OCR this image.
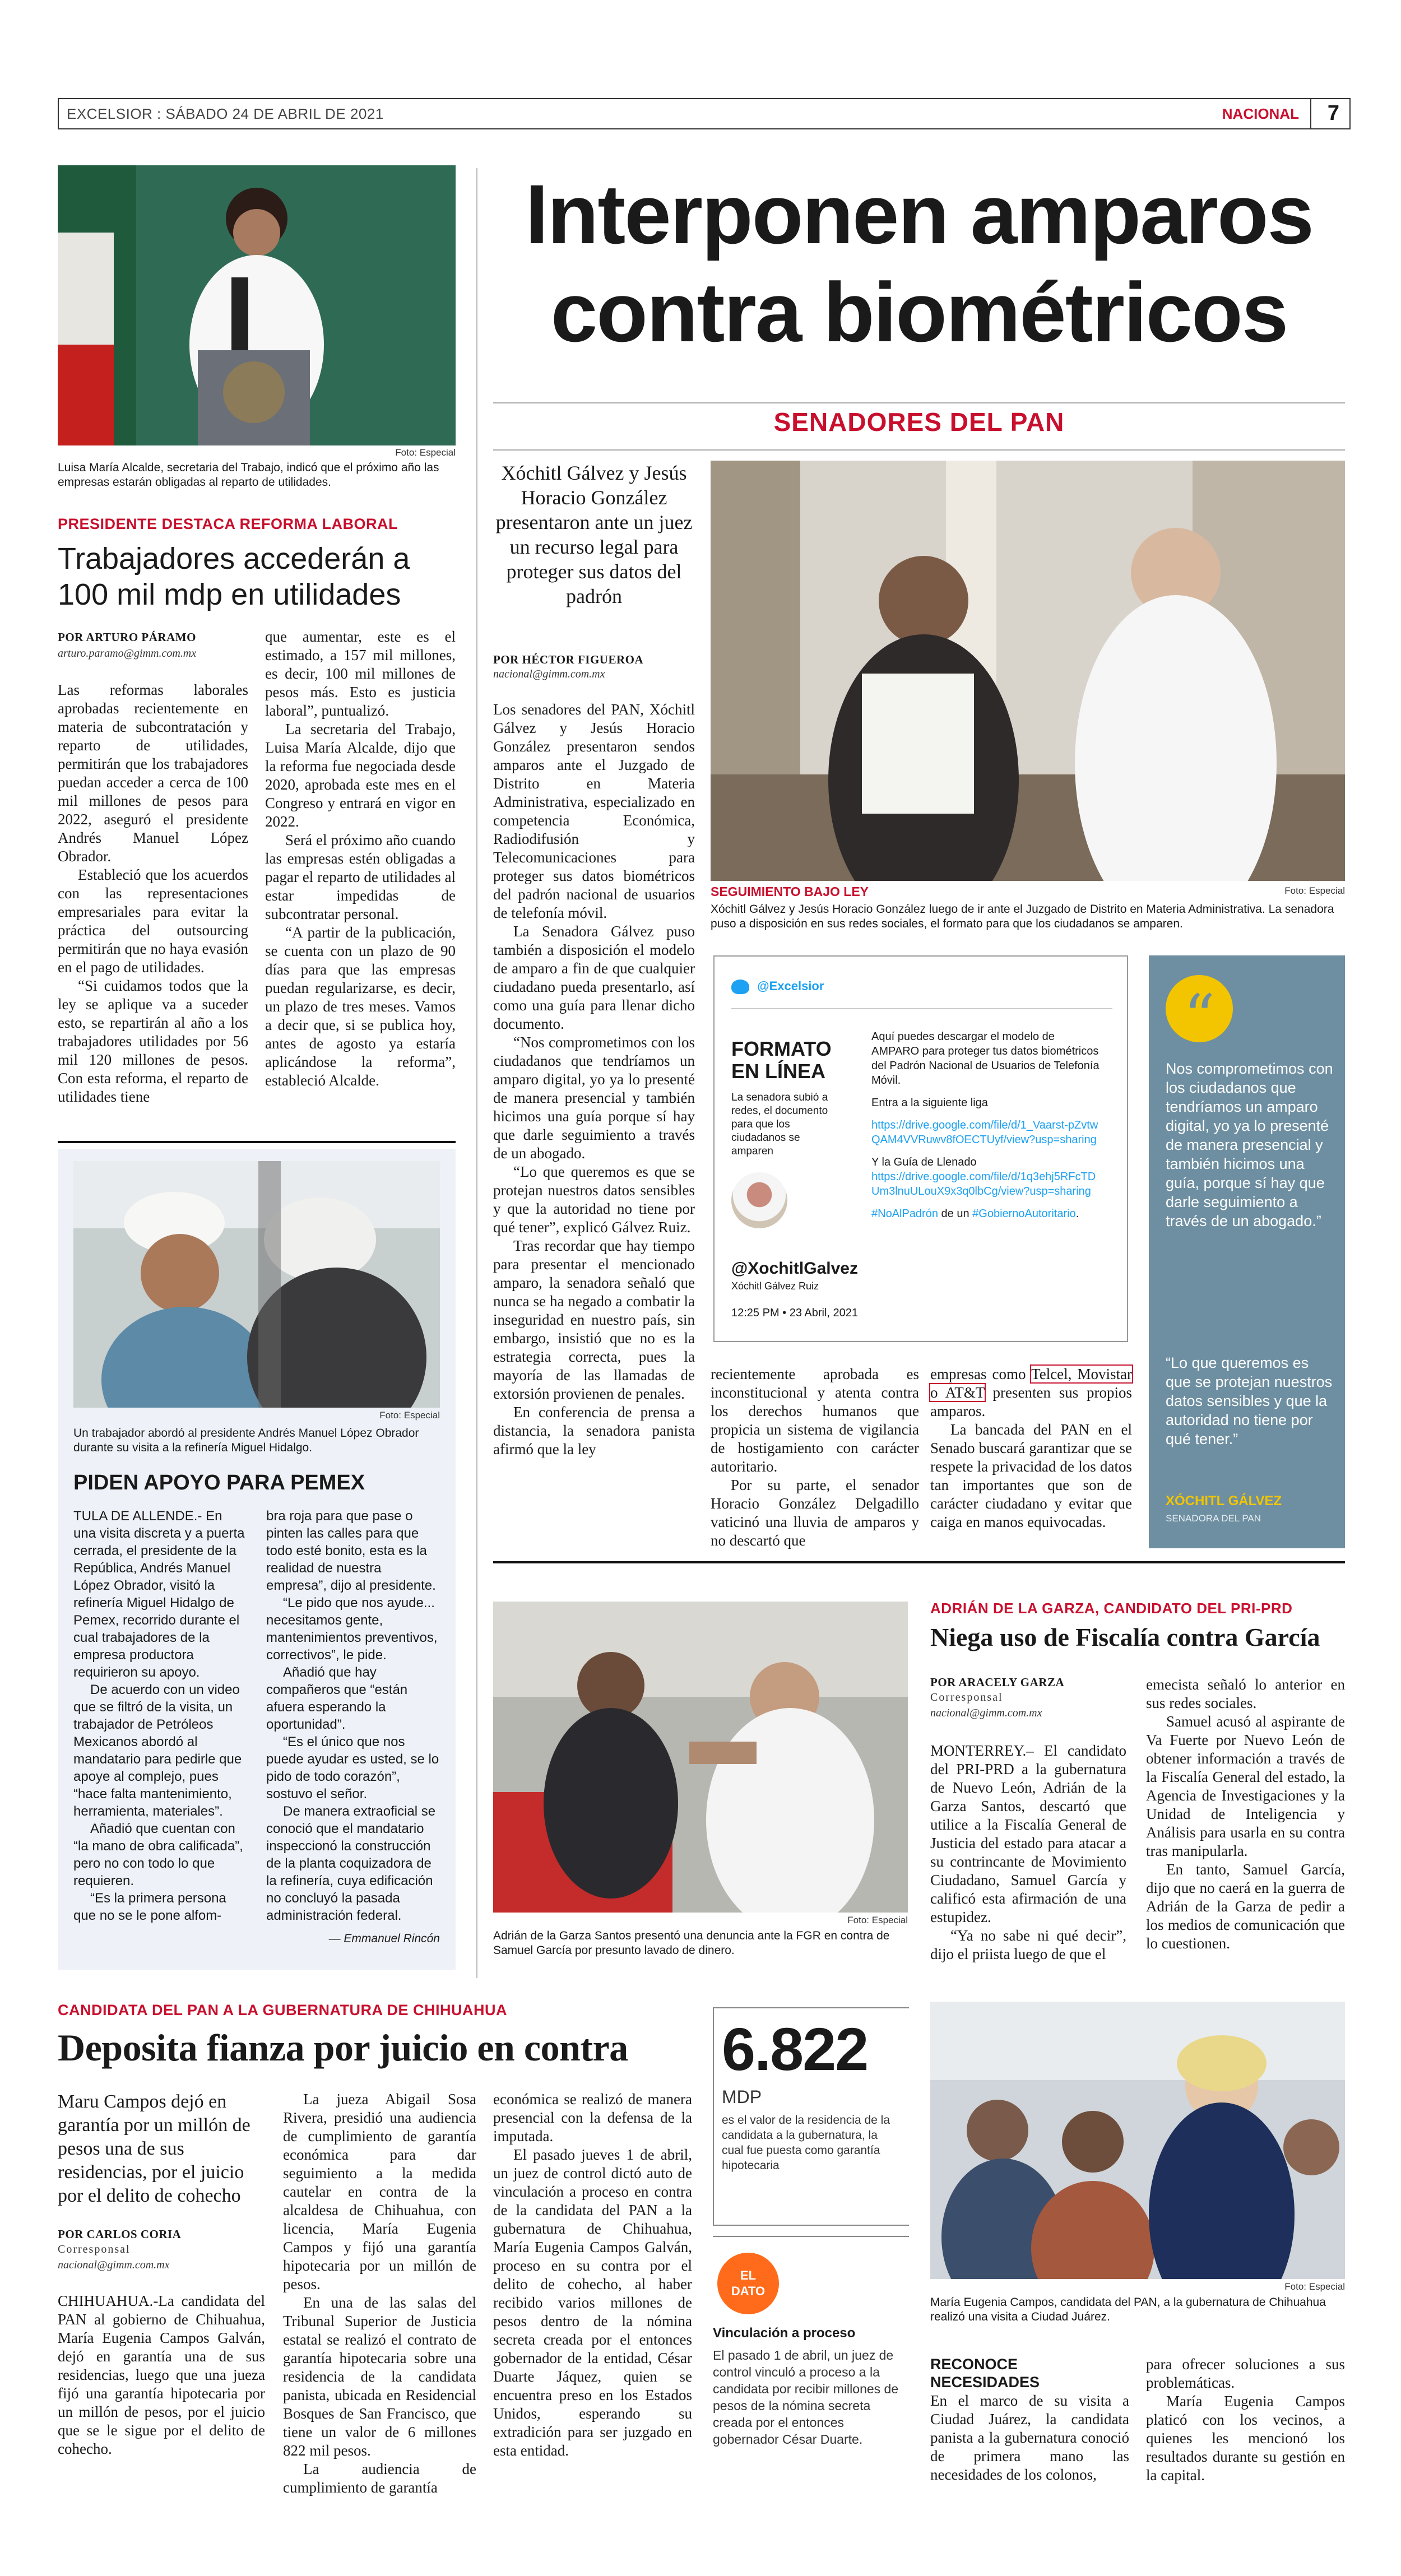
EXCELSIOR : SÁBADO 24 DE ABRIL DE 2021	NACIONAL 7
Interponen amparos contra biométricos
SENADORES DEL PAN
Xóchitl Gálvez y Jesús Horacio González presentaron ante un juez un recurso legal para proteger sus datos del padrón
SEGUIMIENTO BAJO LEY	Foto: Especial
Xóchitl Gálvez y Jesús Horacio González luego de ir ante el Juzgado de Distrito en Materia Administrativa. La senadora puso a disposición en sus redes sociales, el formato para que los ciudadanos se amparen.
POR HÉCTOR FIGUEROA
nacional@gimm.com.mx

Los senadores del PAN, Xóchitl Gálvez y Jesús Horacio González presentaron sendos amparos ante el Juzgado de Distrito en Materia Administrativa, especializado en competencia Económica, Radiodifusión y Telecomunicaciones para proteger sus datos biométricos del padrón nacional de usuarios de telefonía móvil.

La Senadora Gálvez puso también a disposición el modelo de amparo a fin de que cualquier ciudadano pueda presentarlo, así como una guía para llenar dicho documento.

“Nos comprometimos con los ciudadanos que tendríamos un amparo digital, yo ya lo presenté de manera presencial y también hicimos una guía porque sí hay que darle seguimiento a través de un abogado.

“Lo que queremos es que se protejan nuestros datos sensibles y que la autoridad no tiene por qué tener”, explicó Gálvez Ruiz.

Tras recordar que hay tiempo para presentar el mencionado amparo, la senadora señaló que nunca se ha negado a combatir la inseguridad en nuestro país, sin embargo, insistió que no es la estrategia correcta, pues la mayoría de las llamadas de extorsión provienen de penales.

En conferencia de prensa a distancia, la senadora panista afirmó que la ley

@Excelsior
FORMATO EN LÍNEA
La senadora subió a redes, el documento para que los ciudadanos se amparen
@XochitlGalvez
Xóchitl Gálvez Ruiz
12:25 PM • 23 Abril, 2021
Aquí puedes descargar el modelo de AMPARO para proteger tus datos biométricos del Padrón Nacional de Usuarios de Telefonía Móvil.
Entra a la siguiente liga
https://drive.google.com/file/d/1_Vaarst-pZvtwQAM4VVRuwv8fOECTUyf/view?usp=sharing
Y la Guía de Llenado
https://drive.google.com/file/d/1q3ehj5RFcTDUm3lnuULouX9x3q0lbCg/view?usp=sharing
#NoAlPadrón de un #GobiernoAutoritario.

recientemente aprobada es inconstitucional y atenta contra los derechos humanos que propicia un sistema de vigilancia de hostigamiento con carácter autoritario.

Por su parte, el senador Horacio González Delgadillo vaticinó una lluvia de amparos y no descartó que

empresas como Telcel, Movistar o AT&T presenten sus propios amparos.

La bancada del PAN en el Senado buscará garantizar que se respete la privacidad de los datos tan importantes que son de carácter ciudadano y evitar que caiga en manos equivocadas.

“
Nos comprometimos con los ciudadanos que tendríamos un amparo digital, yo ya lo presenté de manera presencial y también hicimos una guía, porque sí hay que darle seguimiento a través de un abogado.”
“Lo que queremos es que se protejan nuestros datos sensibles y que la autoridad no tiene por qué tener.”
XÓCHITL GÁLVEZ
SENADORA DEL PAN
Foto: Especial
Luisa María Alcalde, secretaria del Trabajo, indicó que el próximo año las empresas estarán obligadas al reparto de utilidades.
PRESIDENTE DESTACA REFORMA LABORAL
Trabajadores accederán a 100 mil mdp en utilidades
POR ARTURO PÁRAMO
arturo.paramo@gimm.com.mx

Las reformas laborales aprobadas recientemente en materia de subcontratación y reparto de utilidades, permitirán que los trabajadores puedan acceder a cerca de 100 mil millones de pesos para 2022, aseguró el presidente Andrés Manuel López Obrador.

Estableció que los acuerdos con las representaciones empresariales para evitar la práctica del outsourcing permitirán que no haya evasión en el pago de utilidades.

“Si cuidamos todos que la ley se aplique va a suceder esto, se repartirán al año a los trabajadores utilidades por 56 mil 120 millones de pesos. Con esta reforma, el reparto de utilidades tiene

que aumentar, este es el estimado, a 157 mil millones, es decir, 100 mil millones de pesos más. Esto es justicia laboral”, puntualizó.

La secretaria del Trabajo, Luisa María Alcalde, dijo que la reforma fue negociada desde 2020, aprobada este mes en el Congreso y entrará en vigor en 2022.

Será el próximo año cuando las empresas estén obligadas a pagar el reparto de utilidades al estar impedidas de subcontratar personal.

“A partir de la publicación, se cuenta con un plazo de 90 días para que las empresas puedan regularizarse, es decir, un plazo de tres meses. Vamos a decir que, si se publica hoy, antes de agosto ya estaría aplicándose la reforma”, estableció Alcalde.

Foto: Especial
Un trabajador abordó al presidente Andrés Manuel López Obrador durante su visita a la refinería Miguel Hidalgo.
PIDEN APOYO PARA PEMEX

TULA DE ALLENDE.- En una visita discreta y a puerta cerrada, el presidente de la República, Andrés Manuel López Obrador, visitó la refinería Miguel Hidalgo de Pemex, recorrido durante el cual trabajadores de la empresa productora requirieron su apoyo.

De acuerdo con un video que se filtró de la visita, un trabajador de Petróleos Mexicanos abordó al mandatario para pedirle que apoye al complejo, pues “hace falta mantenimiento, herramienta, materiales”.

Añadió que cuentan con “la mano de obra calificada”, pero no con todo lo que requieren.

“Es la primera persona que no se le pone alfom-

bra roja para que pase o pinten las calles para que todo esté bonito, esta es la realidad de nuestra empresa”, dijo al presidente.

“Le pido que nos ayude... necesitamos gente, mantenimientos preventivos, correctivos”, le pide.

Añadió que hay compañeros que “están afuera esperando la oportunidad”.

“Es el único que nos puede ayudar es usted, se lo pido de todo corazón”, sostuvo el señor.

De manera extraoficial se conoció que el mandatario inspeccionó la construcción de la planta coquizadora de la refinería, cuya edificación no concluyó la pasada administración federal.

— Emmanuel Rincón
Foto: Especial
Adrián de la Garza Santos presentó una denuncia ante la FGR en contra de Samuel García por presunto lavado de dinero.
ADRIÁN DE LA GARZA, CANDIDATO DEL PRI-PRD
Niega uso de Fiscalía contra García
POR ARACELY GARZA
Corresponsal
nacional@gimm.com.mx

MONTERREY.– El candidato del PRI-PRD a la gubernatura de Nuevo León, Adrián de la Garza Santos, descartó que utilice a la Fiscalía General de Justicia del estado para atacar a su contrincante de Movimiento Ciudadano, Samuel García y calificó esta afirmación de una estupidez.

“Ya no sabe ni qué decir”, dijo el priista luego de que el

emecista señaló lo anterior en sus redes sociales.

Samuel acusó al aspirante de Va Fuerte por Nuevo León de obtener información a través de la Fiscalía General del estado, la Agencia de Investigaciones y la Unidad de Inteligencia y Análisis para usarla en su contra tras manipularla.

En tanto, Samuel García, dijo que no caerá en la guerra de Adrián de la Garza de pedir a los medios de comunicación que lo cuestionen.

CANDIDATA DEL PAN A LA GUBERNATURA DE CHIHUAHUA
Deposita fianza por juicio en contra
Maru Campos dejó en garantía por un millón de pesos una de sus residencias, por el juicio por el delito de cohecho
POR CARLOS CORIA
Corresponsal
nacional@gimm.com.mx

CHIHUAHUA.-La candidata del PAN al gobierno de Chihuahua, María Eugenia Campos Galván, dejó en garantía una de sus residencias, luego que una jueza fijó una garantía hipotecaria por un millón de pesos, por el juicio que se le sigue por el delito de cohecho.

La jueza Abigail Sosa Rivera, presidió una audiencia de cumplimiento de garantía económica para dar seguimiento a la medida cautelar en contra de la alcaldesa de Chihuahua, con licencia, María Eugenia Campos y fijó una garantía hipotecaria por un millón de pesos.

En una de las salas del Tribunal Superior de Justicia estatal se realizó el contrato de garantía hipotecaria sobre una residencia de la candidata panista, ubicada en Residencial Bosques de San Francisco, que tiene un valor de 6 millones 822 mil pesos.

La audiencia de cumplimiento de garantía

económica se realizó de manera presencial con la defensa de la imputada.

El pasado jueves 1 de abril, un juez de control dictó auto de vinculación a proceso en contra de la candidata del PAN a la gubernatura de Chihuahua, María Eugenia Campos Galván, proceso en su contra por el delito de cohecho, al haber recibido varios millones de pesos dentro de la nómina secreta creada por el entonces gobernador de la entidad, César Duarte Jáquez, quien se encuentra preso en los Estados Unidos, esperando su extradición para ser juzgado en esta entidad.

6.822
MDP
es el valor de la residencia de la candidata a la gubernatura, la cual fue puesta como garantía hipotecaria
EL DATO
Vinculación a proceso
El pasado 1 de abril, un juez de control vinculó a proceso a la candidata por recibir millones de pesos de la nómina secreta creada por el entonces gobernador César Duarte.
Foto: Especial
María Eugenia Campos, candidata del PAN, a la gubernatura de Chihuahua realizó una visita a Ciudad Juárez.
RECONOCE NECESIDADES

En el marco de su visita a Ciudad Juárez, la candidata panista a la gubernatura conoció de primera mano las necesidades de los colonos,

para ofrecer soluciones a sus problemáticas.

María Eugenia Campos platicó con los vecinos, a quienes les mencionó los resultados durante su gestión en la capital.
